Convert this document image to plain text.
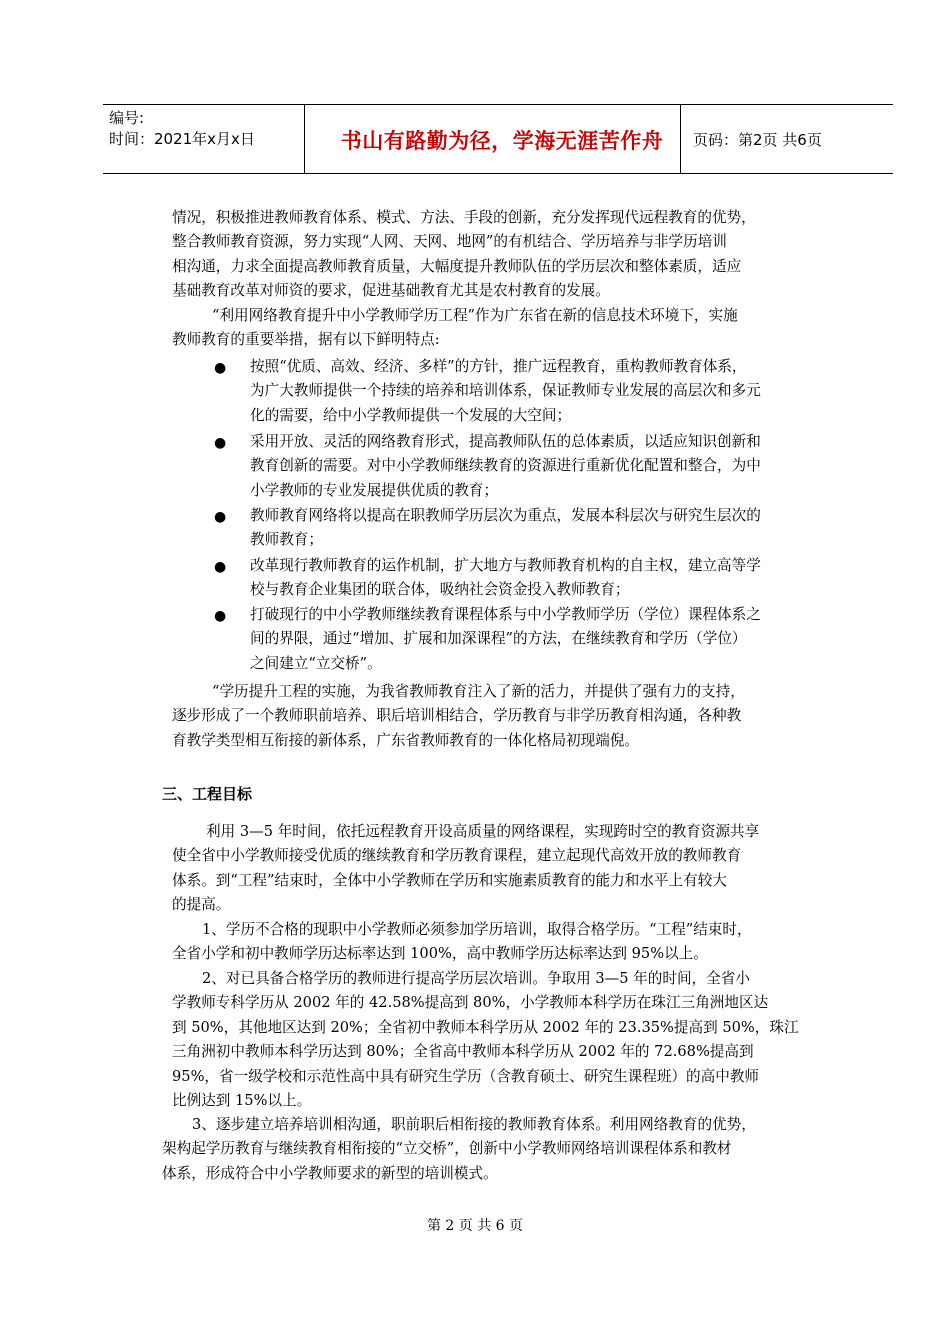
编号:
时间：2021年x月x日	书山有路勤为径，学海无涯苦作舟	页码：第2页 共6页
情况，积极推进教师教育体系、模式、方法、手段的创新，充分发挥现代远程教育的优势，
整合教师教育资源，努力实现“人网、天网、地网”的有机结合、学历培养与非学历培训
相沟通，力求全面提高教师教育质量，大幅度提升教师队伍的学历层次和整体素质，适应
基础教育改革对师资的要求，促进基础教育尤其是农村教育的发展。
“利用网络教育提升中小学教师学历工程”作为广东省在新的信息技术环境下，实施
教师教育的重要举措，据有以下鲜明特点:
●	按照“优质、高效、经济、多样”的方针，推广远程教育，重构教师教育体系，
为广大教师提供一个持续的培养和培训体系，保证教师专业发展的高层次和多元
化的需要，给中小学教师提供一个发展的大空间；
●	采用开放、灵活的网络教育形式，提高教师队伍的总体素质，以适应知识创新和
教育创新的需要。对中小学教师继续教育的资源进行重新优化配置和整合，为中
小学教师的专业发展提供优质的教育；
●	教师教育网络将以提高在职教师学历层次为重点，发展本科层次与研究生层次的
教师教育；
●	改革现行教师教育的运作机制，扩大地方与教师教育机构的自主权，建立高等学
校与教育企业集团的联合体，吸纳社会资金投入教师教育；
●	打破现行的中小学教师继续教育课程体系与中小学教师学历（学位）课程体系之
间的界限，通过“增加、扩展和加深课程”的方法，在继续教育和学历（学位）
之间建立“立交桥”。
“学历提升工程的实施，为我省教师教育注入了新的活力，并提供了强有力的支持，
逐步形成了一个教师职前培养、职后培训相结合，学历教育与非学历教育相沟通，各种教
育教学类型相互衔接的新体系，广东省教师教育的一体化格局初现端倪。
三、工程目标
利用 3—5 年时间，依托远程教育开设高质量的网络课程，实现跨时空的教育资源共享
使全省中小学教师接受优质的继续教育和学历教育课程，建立起现代高效开放的教师教育
体系。到“工程”结束时，全体中小学教师在学历和实施素质教育的能力和水平上有较大
的提高。
1、学历不合格的现职中小学教师必须参加学历培训，取得合格学历。“工程”结束时，
全省小学和初中教师学历达标率达到 100%，高中教师学历达标率达到 95%以上。
2、对已具备合格学历的教师进行提高学历层次培训。争取用 3—5 年的时间，全省小
学教师专科学历从 2002 年的 42.58%提高到 80%，小学教师本科学历在珠江三角洲地区达
到 50%，其他地区达到 20%；全省初中教师本科学历从 2002 年的 23.35%提高到 50%，珠江
三角洲初中教师本科学历达到 80%；全省高中教师本科学历从 2002 年的 72.68%提高到
95%，省一级学校和示范性高中具有研究生学历（含教育硕士、研究生课程班）的高中教师
比例达到 15%以上。
3、逐步建立培养培训相沟通，职前职后相衔接的教师教育体系。利用网络教育的优势，
架构起学历教育与继续教育相衔接的“立交桥”，创新中小学教师网络培训课程体系和教材
体系，形成符合中小学教师要求的新型的培训模式。
第 2 页 共 6 页
